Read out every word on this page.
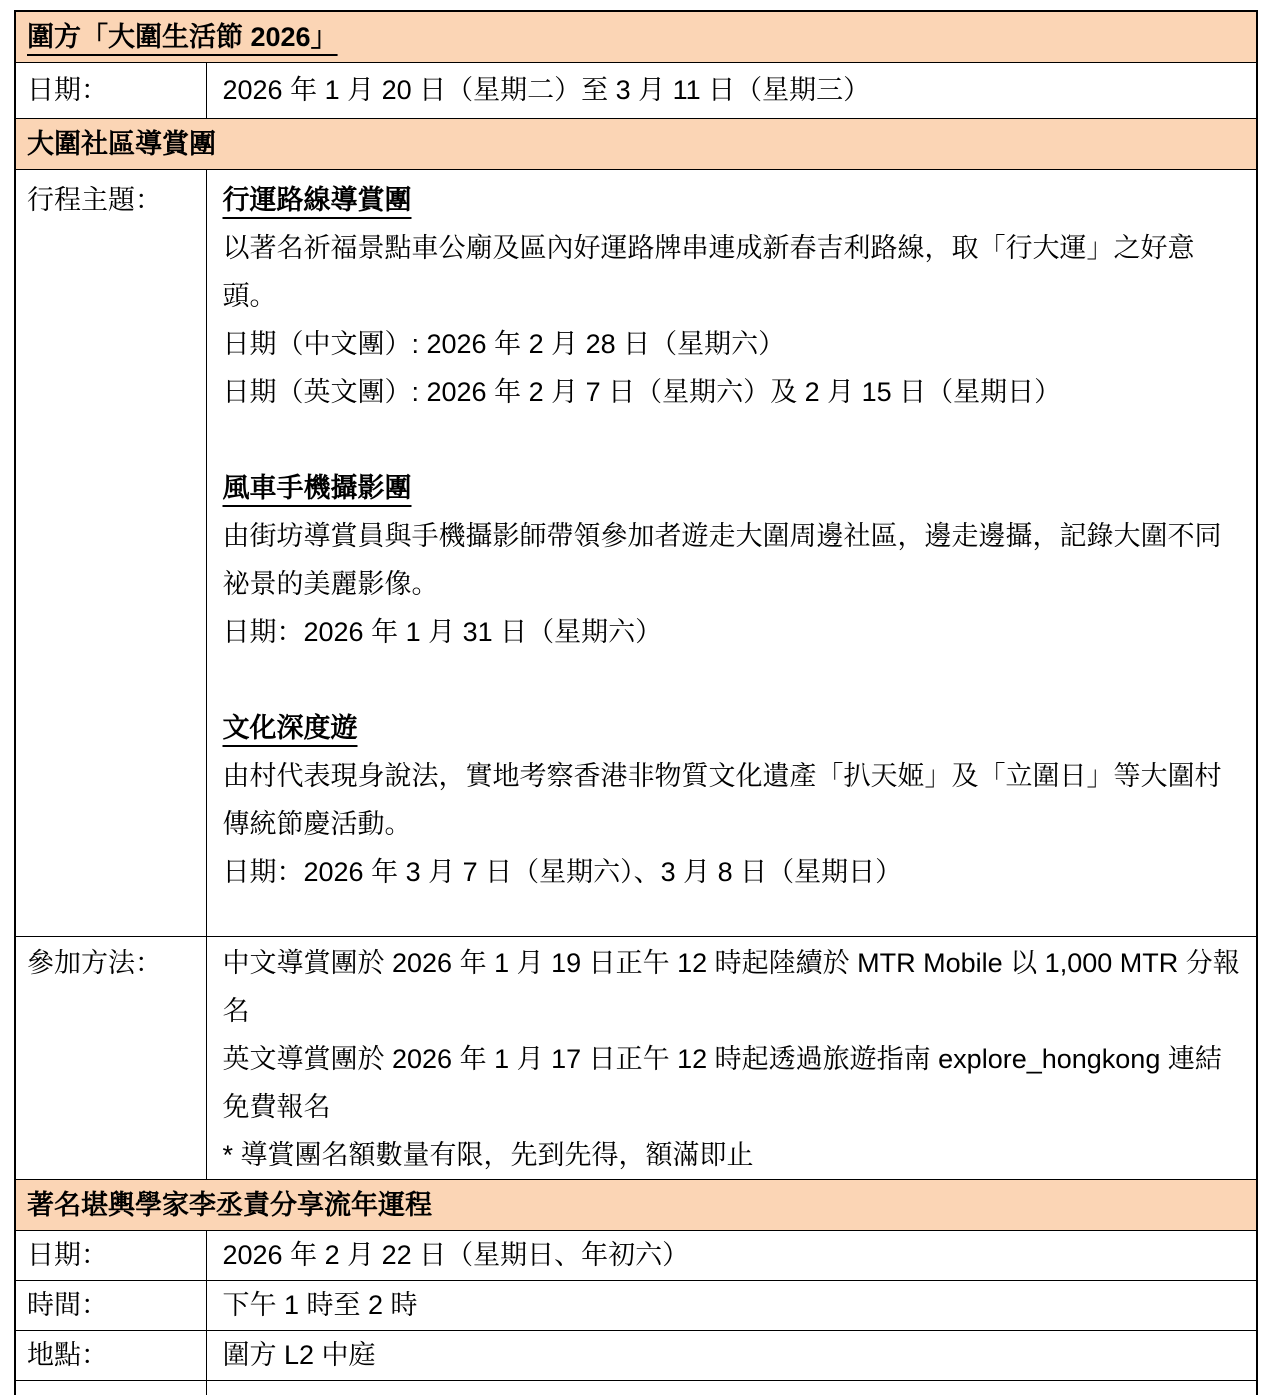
圍方「大圍生活節 2026」	
日期：	2026 年 1 月 20 日（星期二）至 3 月 11 日（星期三）
大圍社區導賞團	
行程主題：	行運路線導賞團

以著名祈福景點車公廟及區內好運路牌串連成新春吉利路線，取「行大運」之好意頭。

日期（中文團）: 2026 年 2 月 28 日（星期六）

日期（英文團）: 2026 年 2 月 7 日（星期六）及 2 月 15 日（星期日）

風車手機攝影團

由街坊導賞員與手機攝影師帶領參加者遊走大圍周邊社區，邊走邊攝，記錄大圍不同祕景的美麗影像。

日期：2026 年 1 月 31 日（星期六）

文化深度遊

由村代表現身說法，實地考察香港非物質文化遺產「扒天姬」及「立圍日」等大圍村傳統節慶活動。

日期：2026 年 3 月 7 日（星期六）、3 月 8 日（星期日）

參加方法：	中文導賞團於 2026 年 1 月 19 日正午 12 時起陸續於 MTR Mobile 以 1,000 MTR 分報名

英文導賞團於 2026 年 1 月 17 日正午 12 時起透過旅遊指南 explore_hongkong 連結免費報名

* 導賞團名額數量有限，先到先得，額滿即止

著名堪輿學家李丞責分享流年運程	
日期：	2026 年 2 月 22 日（星期日、年初六）
時間：	下午 1 時至 2 時
地點：	圍方 L2 中庭
